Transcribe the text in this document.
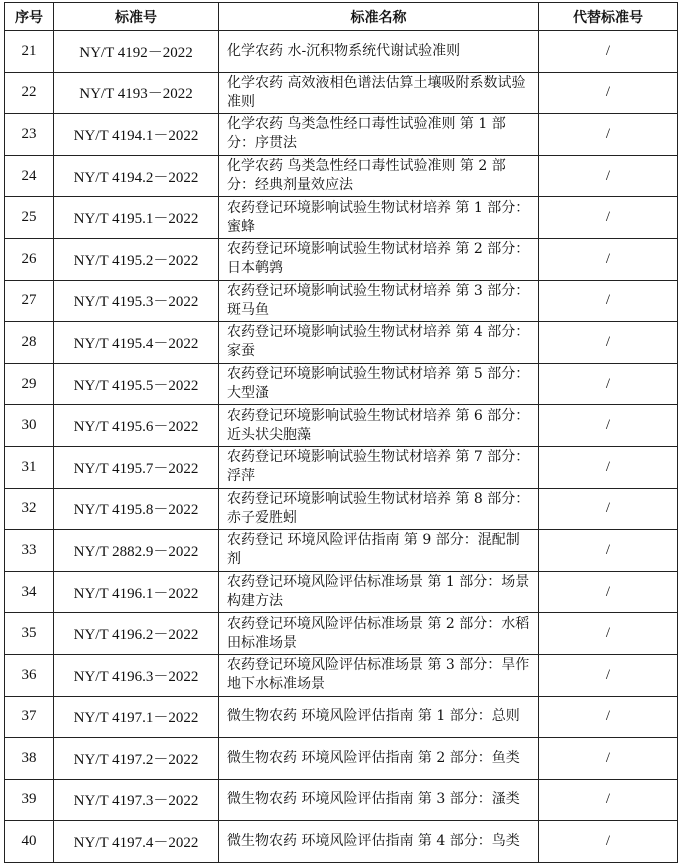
序号	标准号	标准名称	代替标准号
21	NY/T 4192－2022	化学农药 水-沉积物系统代谢试验准则	/
22	NY/T 4193－2022	化学农药 高效液相色谱法估算土壤吸附系数试验准则	/
23	NY/T 4194.1－2022	化学农药 鸟类急性经口毒性试验准则 第 1 部分：序贯法	/
24	NY/T 4194.2－2022	化学农药 鸟类急性经口毒性试验准则 第 2 部分：经典剂量效应法	/
25	NY/T 4195.1－2022	农药登记环境影响试验生物试材培养 第 1 部分：蜜蜂	/
26	NY/T 4195.2－2022	农药登记环境影响试验生物试材培养 第 2 部分：日本鹌鹑	/
27	NY/T 4195.3－2022	农药登记环境影响试验生物试材培养 第 3 部分：斑马鱼	/
28	NY/T 4195.4－2022	农药登记环境影响试验生物试材培养 第 4 部分：家蚕	/
29	NY/T 4195.5－2022	农药登记环境影响试验生物试材培养 第 5 部分：大型溞	/
30	NY/T 4195.6－2022	农药登记环境影响试验生物试材培养 第 6 部分：近头状尖胞藻	/
31	NY/T 4195.7－2022	农药登记环境影响试验生物试材培养 第 7 部分：浮萍	/
32	NY/T 4195.8－2022	农药登记环境影响试验生物试材培养 第 8 部分：赤子爱胜蚓	/
33	NY/T 2882.9－2022	农药登记 环境风险评估指南 第 9 部分：混配制剂	/
34	NY/T 4196.1－2022	农药登记环境风险评估标准场景 第 1 部分：场景构建方法	/
35	NY/T 4196.2－2022	农药登记环境风险评估标准场景 第 2 部分：水稻田标准场景	/
36	NY/T 4196.3－2022	农药登记环境风险评估标准场景 第 3 部分：旱作地下水标准场景	/
37	NY/T 4197.1－2022	微生物农药 环境风险评估指南 第 1 部分：总则	/
38	NY/T 4197.2－2022	微生物农药 环境风险评估指南 第 2 部分：鱼类	/
39	NY/T 4197.3－2022	微生物农药 环境风险评估指南 第 3 部分：溞类	/
40	NY/T 4197.4－2022	微生物农药 环境风险评估指南 第 4 部分：鸟类	/
